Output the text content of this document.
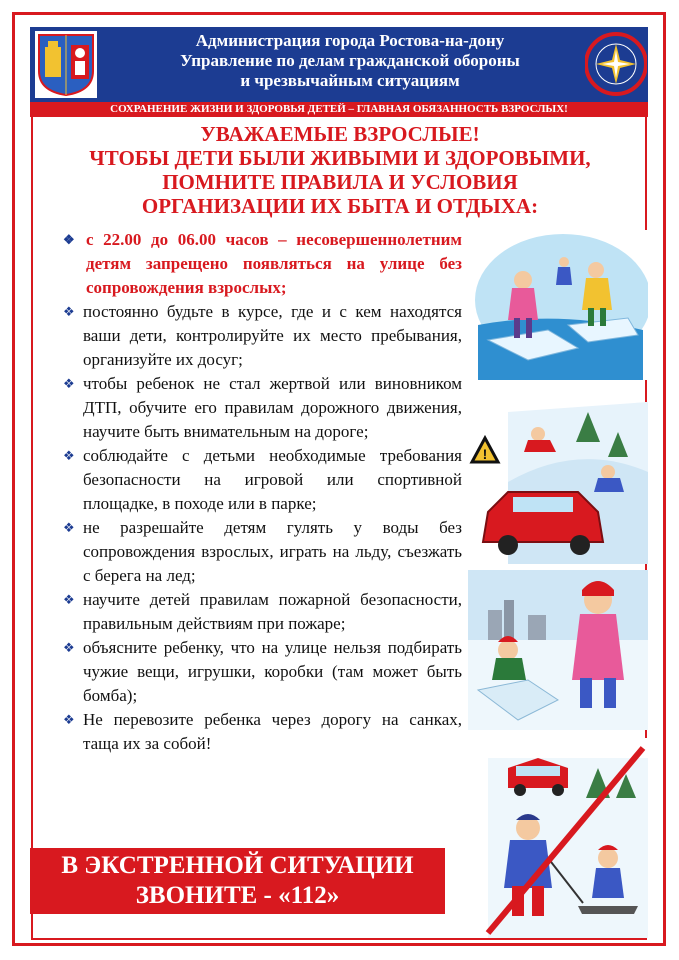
Администрация города Ростова-на-дону
Управление по делам гражданской обороны
и чрезвычайным ситуациям
СОХРАНЕНИЕ ЖИЗНИ И ЗДОРОВЬЯ ДЕТЕЙ – ГЛАВНАЯ ОБЯЗАННОСТЬ ВЗРОСЛЫХ!
УВАЖАЕМЫЕ ВЗРОСЛЫЕ!
ЧТОБЫ ДЕТИ БЫЛИ ЖИВЫМИ И ЗДОРОВЫМИ,
ПОМНИТЕ ПРАВИЛА И УСЛОВИЯ
ОРГАНИЗАЦИИ ИХ БЫТА И ОТДЫХА:
❖ с 22.00 до 06.00 часов – несовершеннолетним детям запрещено появляться на улице без сопровождения взрослых;
❖ постоянно будьте в курсе, где и с кем находятся ваши дети, контролируйте их место пребывания, организуйте их досуг;
❖ чтобы ребенок не стал жертвой или виновником ДТП, обучите его правилам дорожного движения, научите быть внимательным на дороге;
❖ соблюдайте с детьми необходимые требования безопасности на игровой или спортивной площадке, в походе или в парке;
❖ не разрешайте детям гулять у воды без сопровождения взрослых, играть на льду, съезжать с берега на лед;
❖ научите детей правилам пожарной безопасности, правильным действиям при пожаре;
❖ объясните ребенку, что на улице нельзя подбирать чужие вещи, игрушки, коробки (там может быть бомба);
❖ Не перевозите ребенка через дорогу на санках, таща их за собой!
!
В ЭКСТРЕННОЙ СИТУАЦИИ
ЗВОНИТЕ - «112»
